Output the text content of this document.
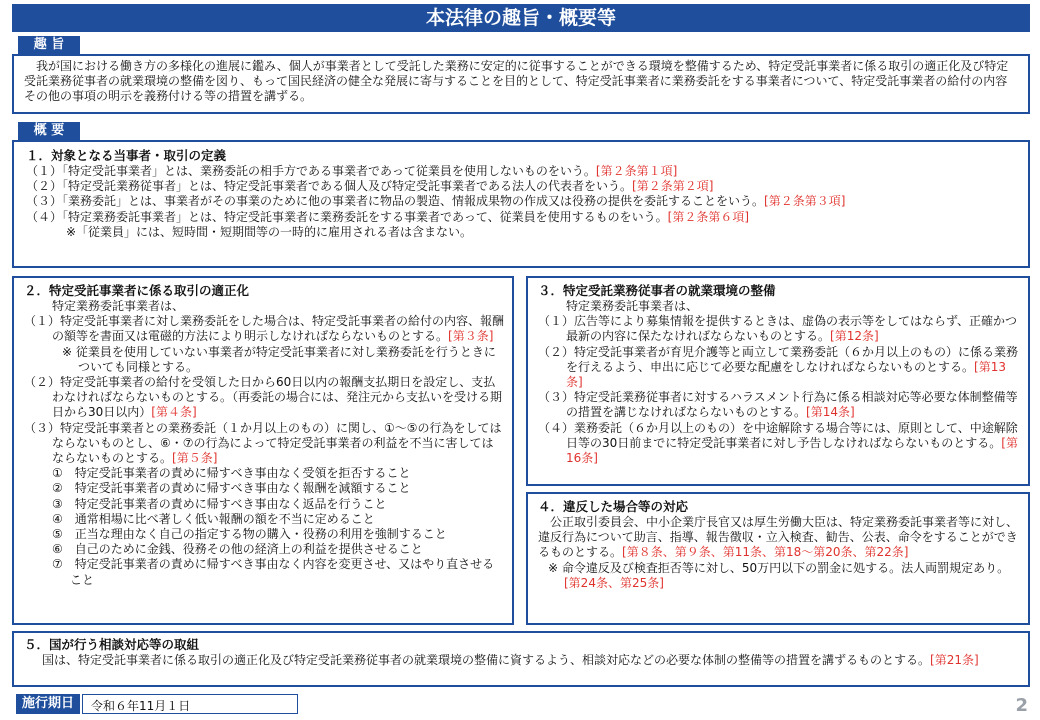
本法律の趣旨・概要等
趣 旨

我が国における働き方の多様化の進展に鑑み、個人が事業者として受託した業務に安定的に従事することができる環境を整備するため、特定受託事業者に係る取引の適正化及び特定受託業務従事者の就業環境の整備を図り、もって国民経済の健全な発展に寄与することを目的として、特定受託事業者に業務委託をする事業者について、特定受託事業者の給付の内容その他の事項の明示を義務付ける等の措置を講ずる。

概 要

１．対象となる当事者・取引の定義

（１）「特定受託事業者」とは、業務委託の相手方である事業者であって従業員を使用しないものをいう。[第２条第１項]

（２）「特定受託業務従事者」とは、特定受託事業者である個人及び特定受託事業者である法人の代表者をいう。[第２条第２項]

（３）「業務委託」とは、事業者がその事業のために他の事業者に物品の製造、情報成果物の作成又は役務の提供を委託することをいう。[第２条第３項]

（４）「特定業務委託事業者」とは、特定受託事業者に業務委託をする事業者であって、従業員を使用するものをいう。[第２条第６項]

※「従業員」には、短時間・短期間等の一時的に雇用される者は含まない。

２．特定受託事業者に係る取引の適正化

特定業務委託事業者は、

（１）特定受託事業者に対し業務委託をした場合は、特定受託事業者の給付の内容、報酬の額等を書面又は電磁的方法により明示しなければならないものとする。[第３条]

※ 従業員を使用していない事業者が特定受託事業者に対し業務委託を行うときについても同様とする。

（２）特定受託事業者の給付を受領した日から60日以内の報酬支払期日を設定し、支払わなければならないものとする。（再委託の場合には、発注元から支払いを受ける期日から30日以内）[第４条]

（３）特定受託事業者との業務委託（１か月以上のもの）に関し、①～⑤の行為をしてはならないものとし、⑥・⑦の行為によって特定受託事業者の利益を不当に害してはならないものとする。[第５条]

①　特定受託事業者の責めに帰すべき事由なく受領を拒否すること

②　特定受託事業者の責めに帰すべき事由なく報酬を減額すること

③　特定受託事業者の責めに帰すべき事由なく返品を行うこと

④　通常相場に比べ著しく低い報酬の額を不当に定めること

⑤　正当な理由なく自己の指定する物の購入・役務の利用を強制すること

⑥　自己のために金銭、役務その他の経済上の利益を提供させること

⑦　特定受託事業者の責めに帰すべき事由なく内容を変更させ、又はやり直させること

３．特定受託業務従事者の就業環境の整備

特定業務委託事業者は、

（１）広告等により募集情報を提供するときは、虚偽の表示等をしてはならず、正確かつ最新の内容に保たなければならないものとする。[第12条]

（２）特定受託事業者が育児介護等と両立して業務委託（６か月以上のもの）に係る業務を行えるよう、申出に応じて必要な配慮をしなければならないものとする。[第13条]

（３）特定受託業務従事者に対するハラスメント行為に係る相談対応等必要な体制整備等の措置を講じなければならないものとする。[第14条]

（４）業務委託（６か月以上のもの）を中途解除する場合等には、原則として、中途解除日等の30日前までに特定受託事業者に対し予告しなければならないものとする。[第16条]

４．違反した場合等の対応

公正取引委員会、中小企業庁長官又は厚生労働大臣は、特定業務委託事業者等に対し、違反行為について助言、指導、報告徴収・立入検査、勧告、公表、命令をすることができるものとする。[第８条、第９条、第11条、第18～第20条、第22条]

※ 命令違反及び検査拒否等に対し、50万円以下の罰金に処する。法人両罰規定あり。[第24条、第25条]

５．国が行う相談対応等の取組

国は、特定受託事業者に係る取引の適正化及び特定受託業務従事者の就業環境の整備に資するよう、相談対応などの必要な体制の整備等の措置を講ずるものとする。[第21条]

施行期日	令和６年11月１日	2
